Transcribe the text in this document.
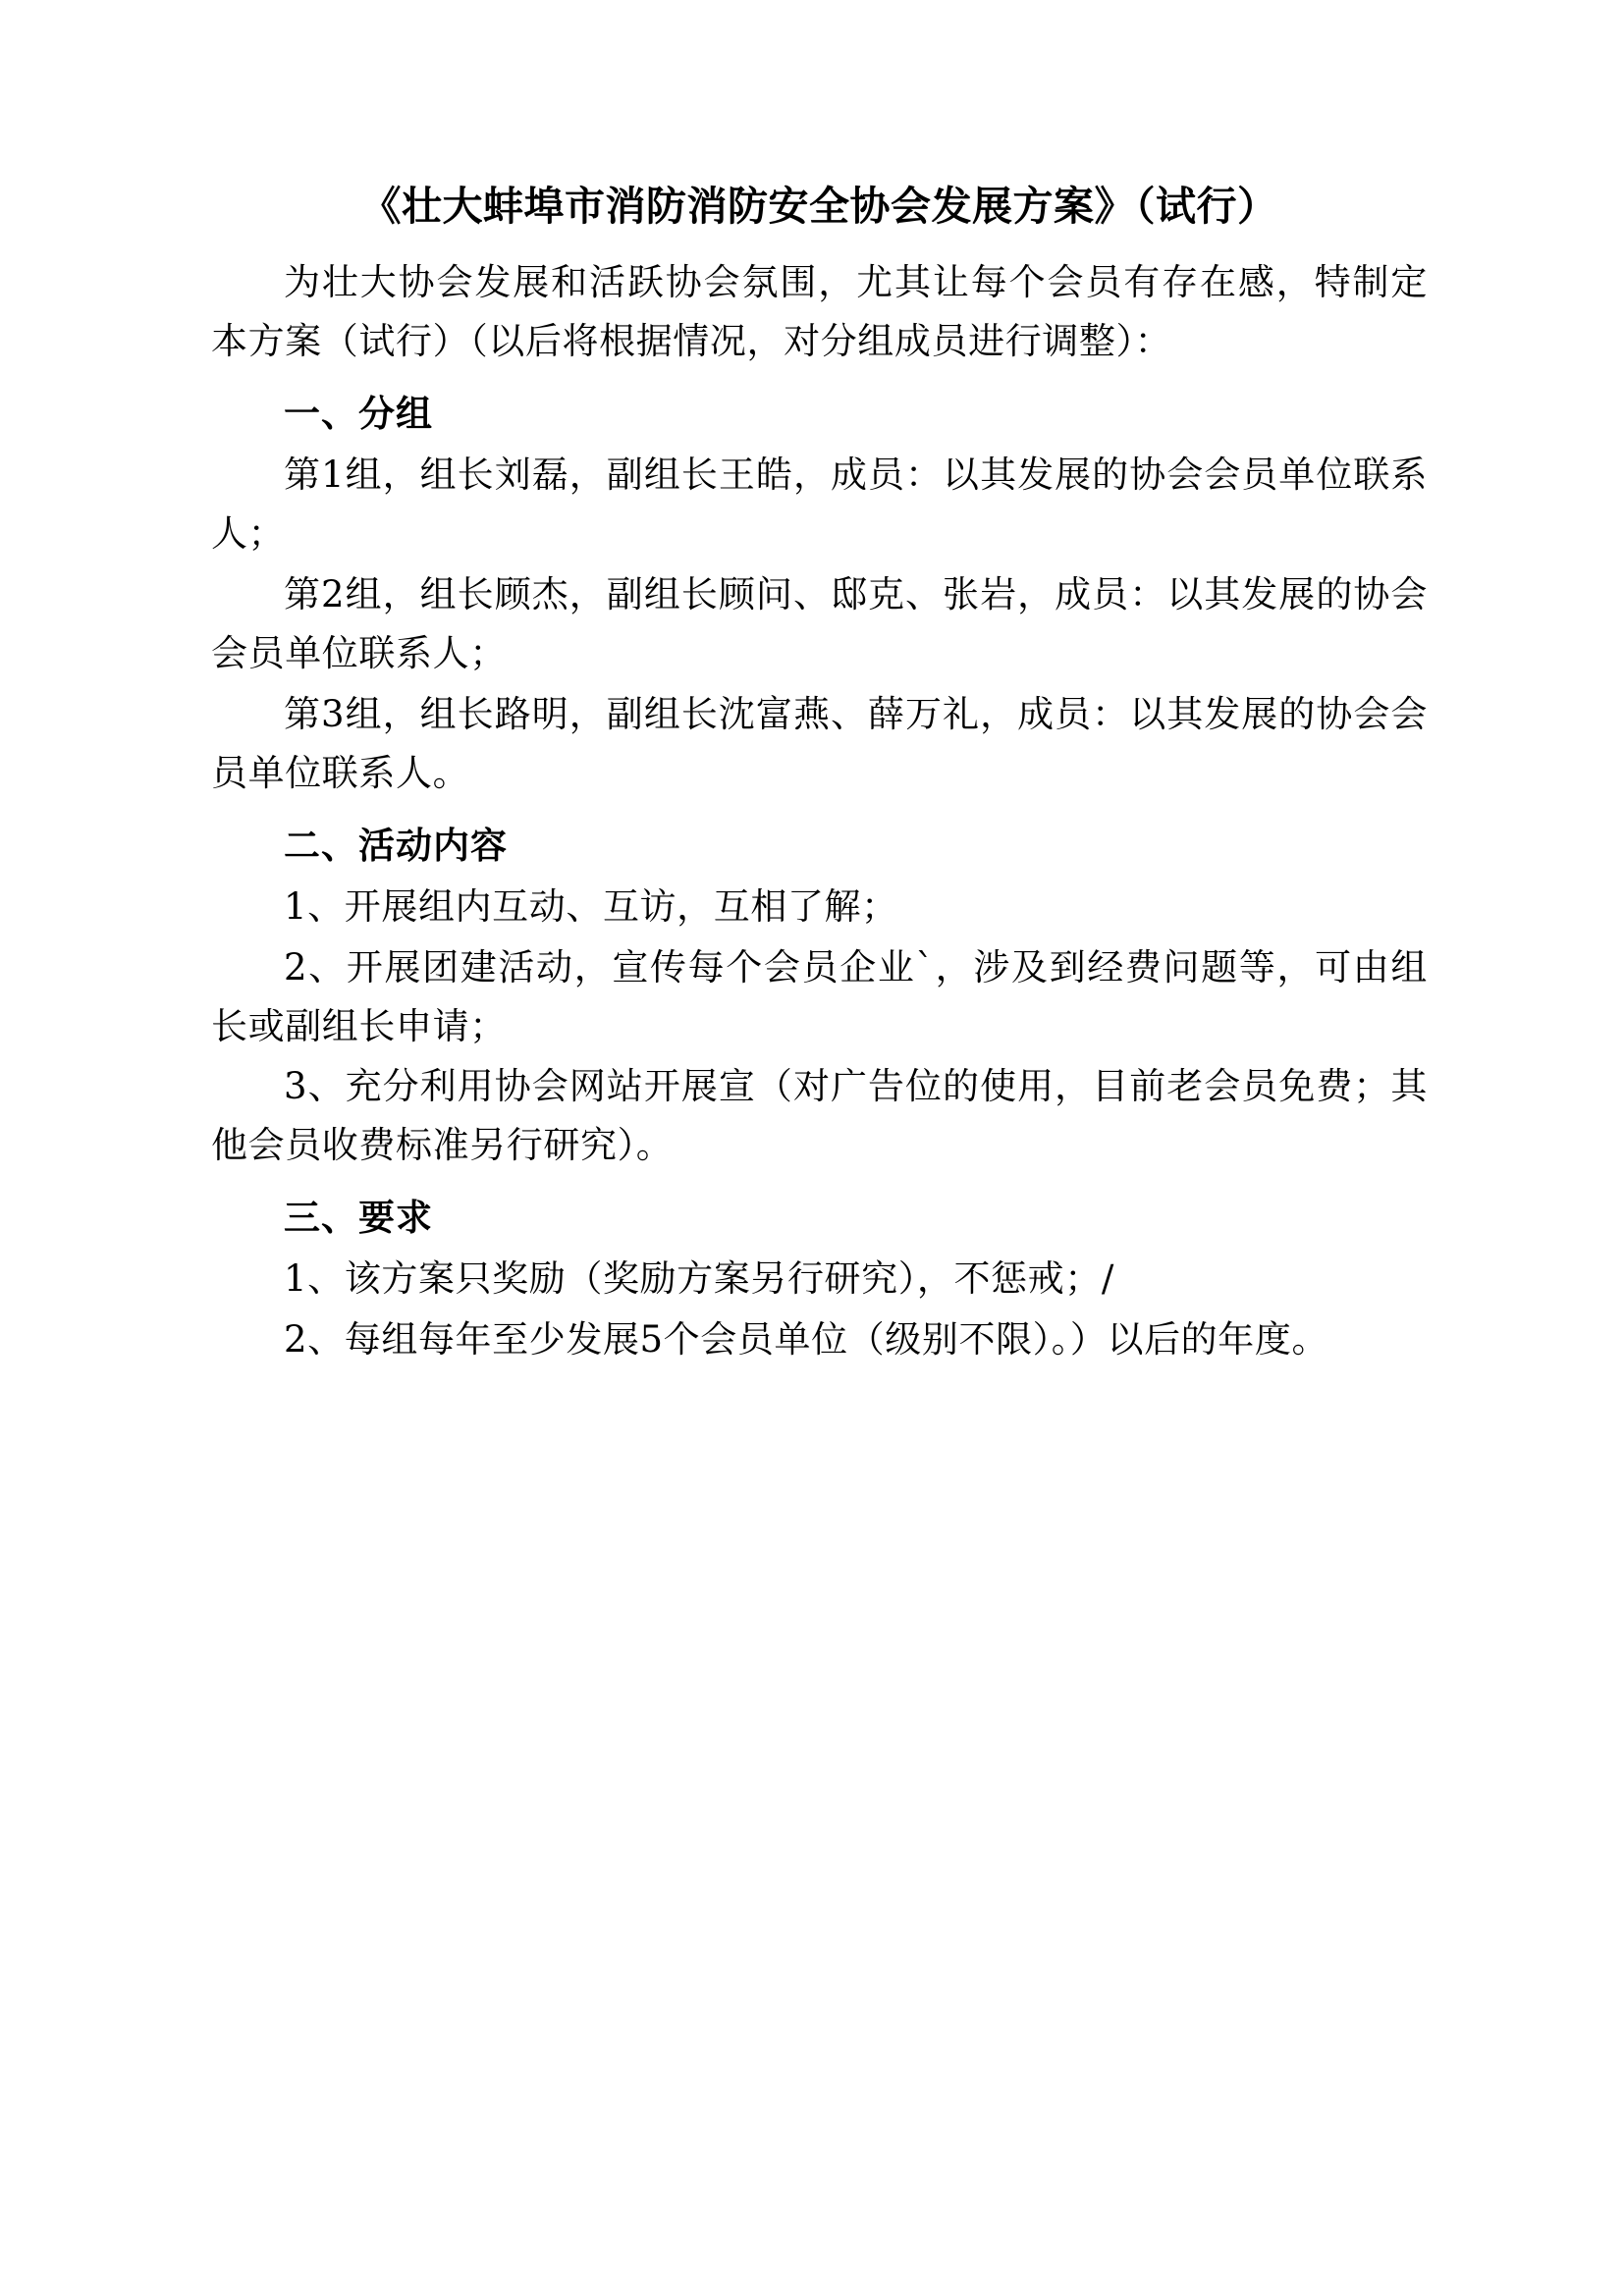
《壮大蚌埠市消防消防安全协会发展方案》（试行）

为壮大协会发展和活跃协会氛围，尤其让每个会员有存在感，特制定本方案（试行）（以后将根据情况，对分组成员进行调整）：

一、分组

第1组，组长刘磊，副组长王皓，成员：以其发展的协会会员单位联系人；

第2组，组长顾杰，副组长顾问、邸克、张岩，成员：以其发展的协会会员单位联系人；

第3组，组长路明，副组长沈富燕、薛万礼，成员：以其发展的协会会员单位联系人。

二、活动内容

1、开展组内互动、互访，互相了解；

2、开展团建活动，宣传每个会员企业`，涉及到经费问题等，可由组长或副组长申请；

3、充分利用协会网站开展宣（对广告位的使用，目前老会员免费；其他会员收费标准另行研究）。

三、要求

1、该方案只奖励（奖励方案另行研究），不惩戒；/

2、每组每年至少发展5个会员单位（级别不限）。）以后的年度。
